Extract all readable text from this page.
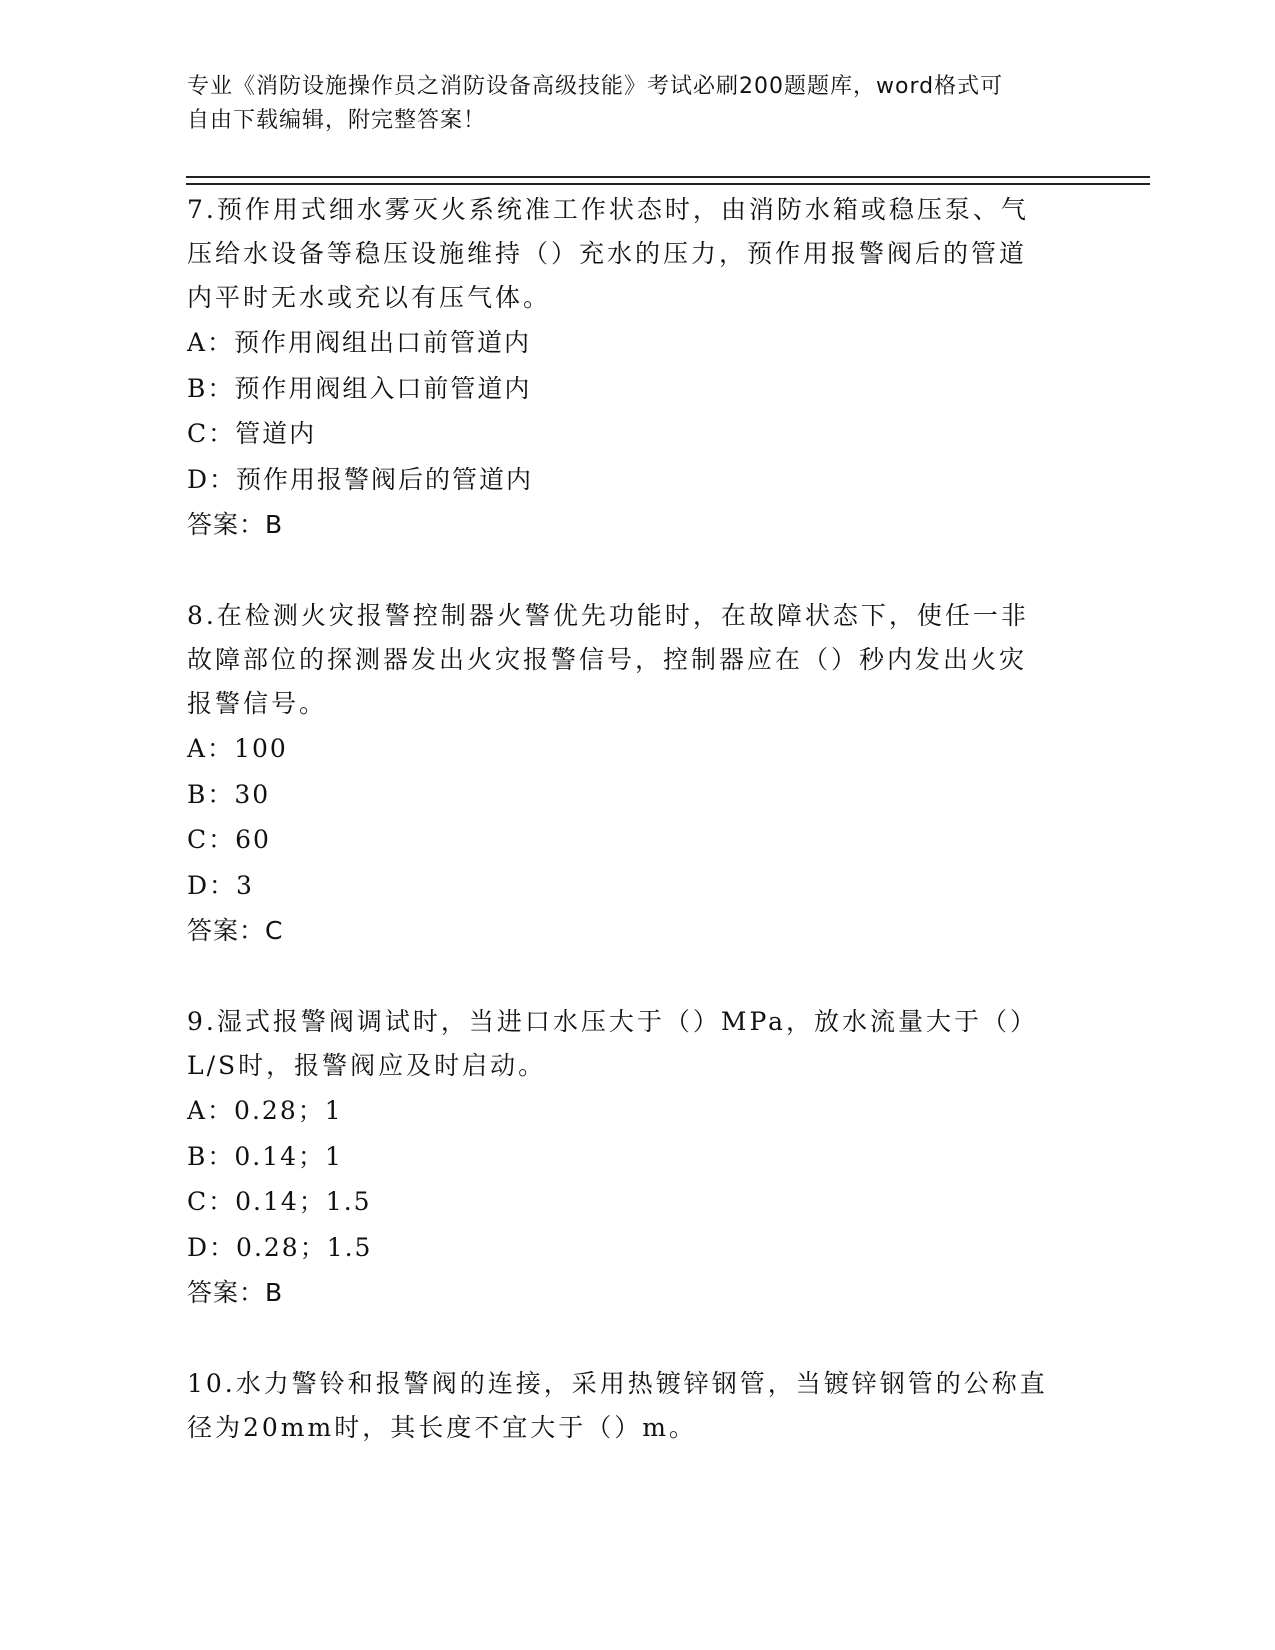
专业《消防设施操作员之消防设备高级技能》考试必刷200题题库，word格式可
自由下载编辑，附完整答案！
7.预作用式细水雾灭火系统准工作状态时，由消防水箱或稳压泵、气
压给水设备等稳压设施维持（）充水的压力，预作用报警阀后的管道
内平时无水或充以有压气体。
A：预作用阀组出口前管道内
B：预作用阀组入口前管道内
C：管道内
D：预作用报警阀后的管道内
答案：B
8.在检测火灾报警控制器火警优先功能时，在故障状态下，使任一非
故障部位的探测器发出火灾报警信号，控制器应在（）秒内发出火灾
报警信号。
A：100
B：30
C：60
D：3
答案：C
9.湿式报警阀调试时，当进口水压大于（）MPa，放水流量大于（）
L/S时，报警阀应及时启动。
A：0.28；1
B：0.14；1
C：0.14；1.5
D：0.28；1.5
答案：B
10.水力警铃和报警阀的连接，采用热镀锌钢管，当镀锌钢管的公称直
径为20mm时，其长度不宜大于（）m。
